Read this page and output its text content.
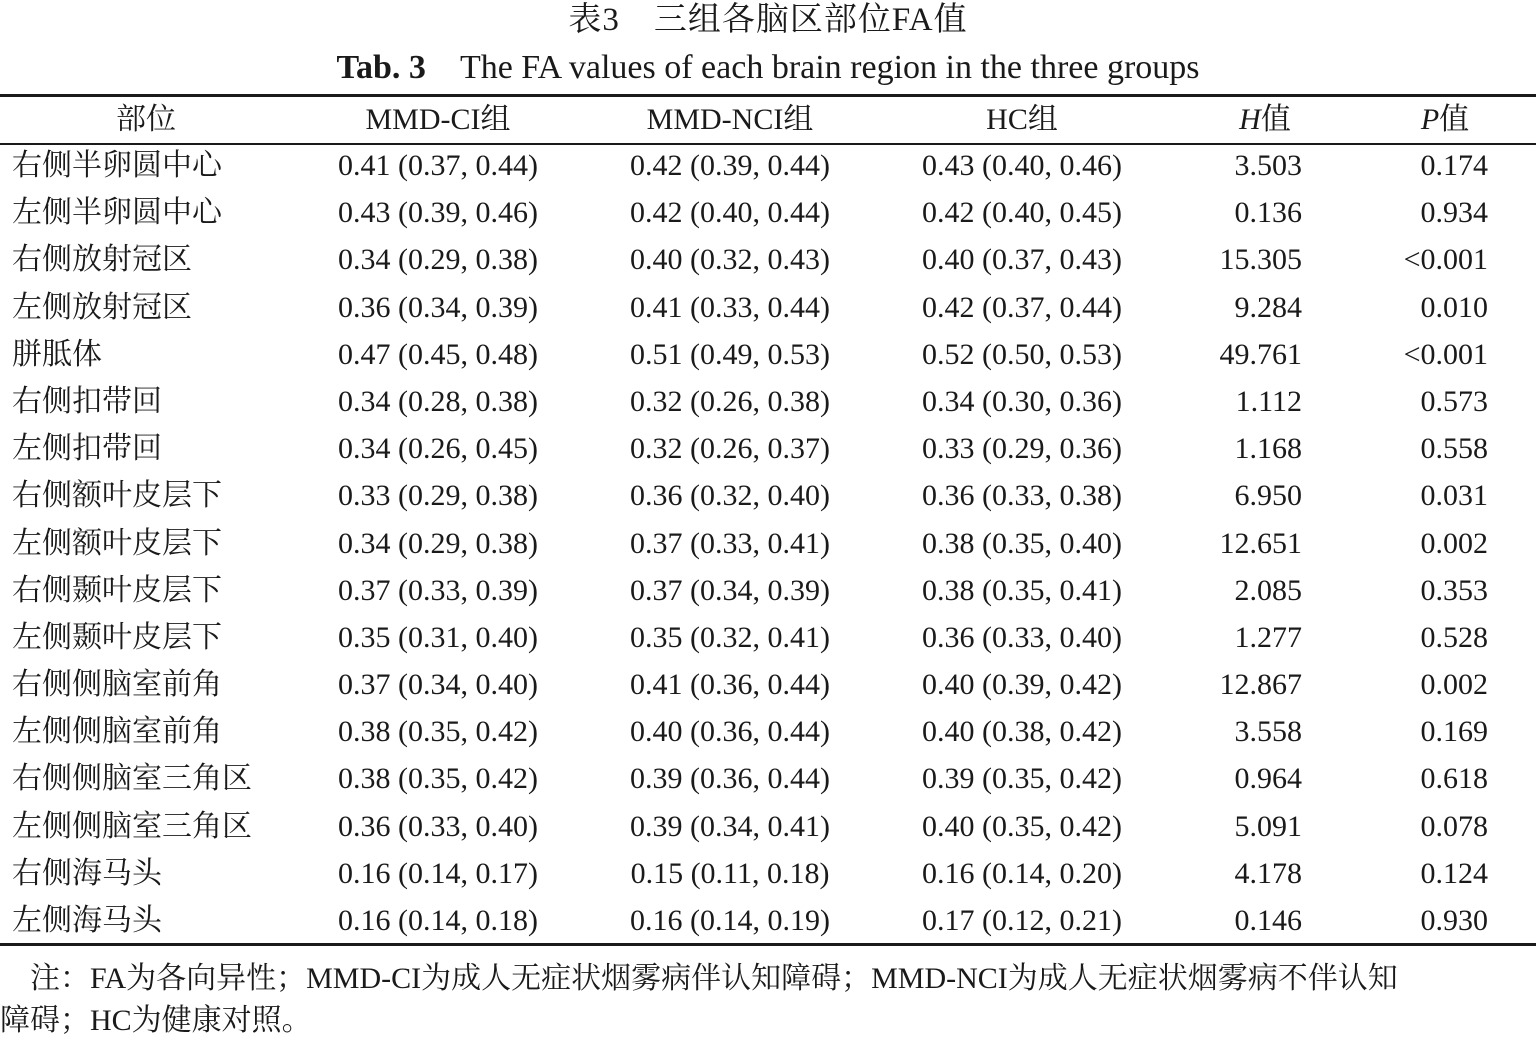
表3 三组各脑区部位FA值
Tab. 3 The FA values of each brain region in the three groups
部位	MMD-CI组	MMD-NCI组	HC组	H值	P值
右侧半卵圆中心	0.41 (0.37, 0.44)	0.42 (0.39, 0.44)	0.43 (0.40, 0.46)	3.503	0.174
左侧半卵圆中心	0.43 (0.39, 0.46)	0.42 (0.40, 0.44)	0.42 (0.40, 0.45)	0.136	0.934
右侧放射冠区	0.34 (0.29, 0.38)	0.40 (0.32, 0.43)	0.40 (0.37, 0.43)	15.305	<0.001
左侧放射冠区	0.36 (0.34, 0.39)	0.41 (0.33, 0.44)	0.42 (0.37, 0.44)	9.284	0.010
胼胝体	0.47 (0.45, 0.48)	0.51 (0.49, 0.53)	0.52 (0.50, 0.53)	49.761	<0.001
右侧扣带回	0.34 (0.28, 0.38)	0.32 (0.26, 0.38)	0.34 (0.30, 0.36)	1.112	0.573
左侧扣带回	0.34 (0.26, 0.45)	0.32 (0.26, 0.37)	0.33 (0.29, 0.36)	1.168	0.558
右侧额叶皮层下	0.33 (0.29, 0.38)	0.36 (0.32, 0.40)	0.36 (0.33, 0.38)	6.950	0.031
左侧额叶皮层下	0.34 (0.29, 0.38)	0.37 (0.33, 0.41)	0.38 (0.35, 0.40)	12.651	0.002
右侧颞叶皮层下	0.37 (0.33, 0.39)	0.37 (0.34, 0.39)	0.38 (0.35, 0.41)	2.085	0.353
左侧颞叶皮层下	0.35 (0.31, 0.40)	0.35 (0.32, 0.41)	0.36 (0.33, 0.40)	1.277	0.528
右侧侧脑室前角	0.37 (0.34, 0.40)	0.41 (0.36, 0.44)	0.40 (0.39, 0.42)	12.867	0.002
左侧侧脑室前角	0.38 (0.35, 0.42)	0.40 (0.36, 0.44)	0.40 (0.38, 0.42)	3.558	0.169
右侧侧脑室三角区	0.38 (0.35, 0.42)	0.39 (0.36, 0.44)	0.39 (0.35, 0.42)	0.964	0.618
左侧侧脑室三角区	0.36 (0.33, 0.40)	0.39 (0.34, 0.41)	0.40 (0.35, 0.42)	5.091	0.078
右侧海马头	0.16 (0.14, 0.17)	0.15 (0.11, 0.18)	0.16 (0.14, 0.20)	4.178	0.124
左侧海马头	0.16 (0.14, 0.18)	0.16 (0.14, 0.19)	0.17 (0.12, 0.21)	0.146	0.930
注：FA为各向异性；MMD-CI为成人无症状烟雾病伴认知障碍；MMD-NCI为成人无症状烟雾病不伴认知
障碍；HC为健康对照。
